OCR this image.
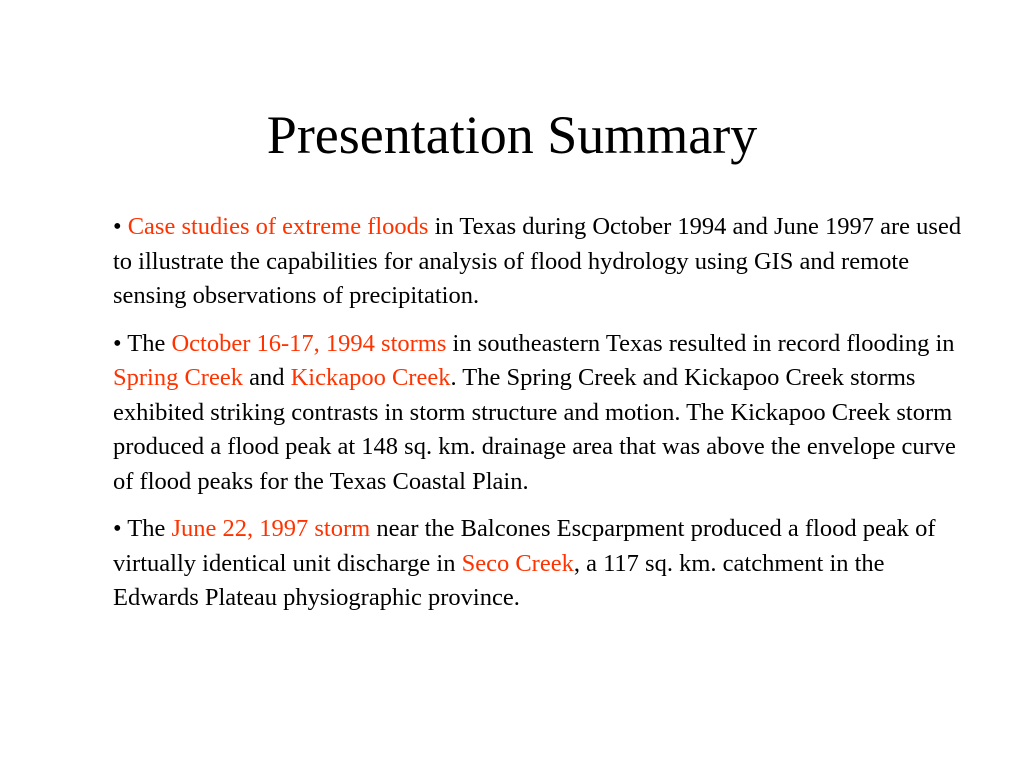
Presentation Summary

• Case studies of extreme floods in Texas during October 1994 and June 1997 are used to illustrate the capabilities for analysis of flood hydrology using GIS and remote sensing observations of precipitation.

• The October 16-17, 1994 storms in southeastern Texas resulted in record flooding in Spring Creek and Kickapoo Creek. The Spring Creek and Kickapoo Creek storms exhibited striking contrasts in storm structure and motion. The Kickapoo Creek storm produced a flood peak at 148 sq. km. drainage area that was above the envelope curve of flood peaks for the Texas Coastal Plain.

• The June 22, 1997 storm near the Balcones Escparpment produced a flood peak of virtually identical unit discharge in Seco Creek, a 117 sq. km. catchment in the Edwards Plateau physiographic province.
